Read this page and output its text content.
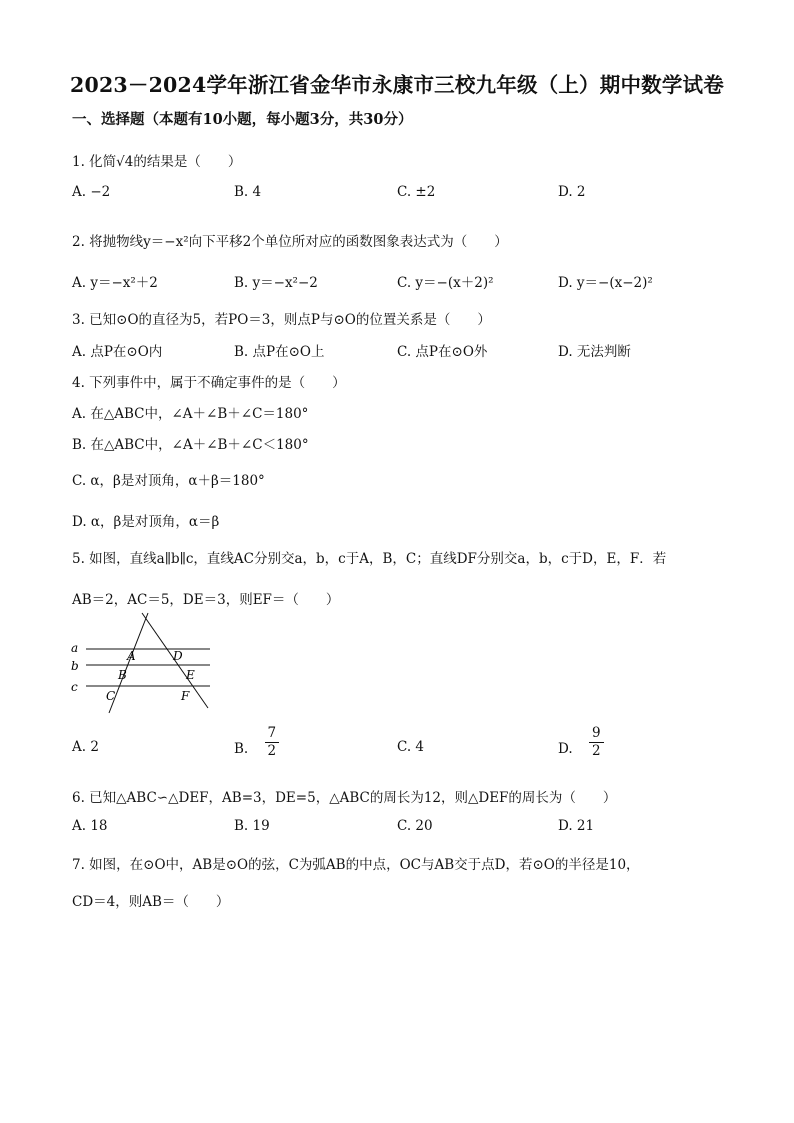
2023－2024学年浙江省金华市永康市三校九年级（上）期中数学试卷
一、选择题（本题有10小题，每小题3分，共30分）
1. 化简√4的结果是（　　）
A. −2	B. 4	C. ±2	D. 2
2. 将抛物线y＝−x²向下平移2个单位所对应的函数图象表达式为（　　）
A. y＝−x²＋2	B. y＝−x²−2	C. y＝−(x＋2)²	D. y＝−(x−2)²
3. 已知⊙O的直径为5，若PO＝3，则点P与⊙O的位置关系是（　　）
A. 点P在⊙O内	B. 点P在⊙O上	C. 点P在⊙O外	D. 无法判断
4. 下列事件中，属于不确定事件的是（　　）
A. 在△ABC中，∠A＋∠B＋∠C＝180°
B. 在△ABC中，∠A＋∠B＋∠C＜180°
C. α，β是对顶角，α＋β＝180°
D. α，β是对顶角，α＝β
5. 如图，直线a∥b∥c，直线AC分别交a，b，c于A，B，C；直线DF分别交a，b，c于D，E，F．若
AB＝2，AC＝5，DE＝3，则EF＝（　　）
a
b
c
A	D
B	E
C	F
A. 2	B. $\frac{7}{2}$	C. 4	D. $\frac{9}{2}$
6. 已知△ABC∽△DEF，AB=3，DE=5，△ABC的周长为12，则△DEF的周长为（　　）
A. 18	B. 19	C. 20	D. 21
7. 如图，在⊙O中，AB是⊙O的弦，C为弧AB的中点，OC与AB交于点D，若⊙O的半径是10，
CD＝4，则AB＝（　　）
